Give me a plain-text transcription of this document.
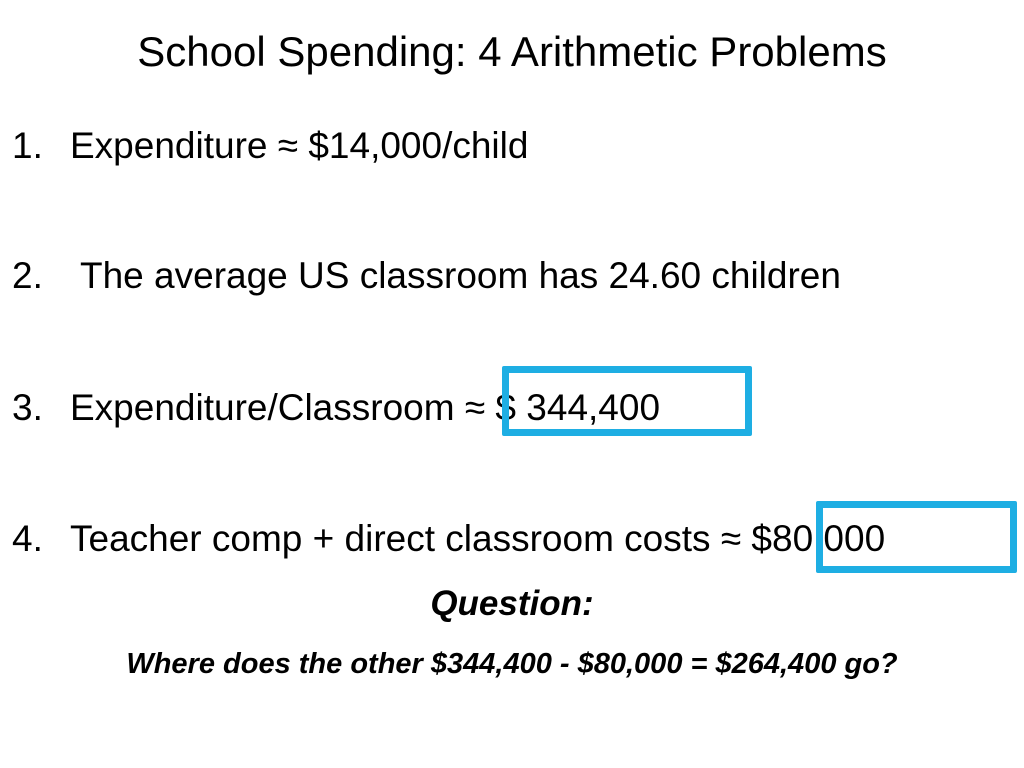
School Spending: 4 Arithmetic Problems
1. Expenditure ≈ $14,000/child
2. The average US classroom has 24.60 children
3. Expenditure/Classroom ≈ $ 344,400
4. Teacher comp + direct classroom costs ≈ $80,000
Question:
Where does the other $344,400 - $80,000 = $264,400 go?
